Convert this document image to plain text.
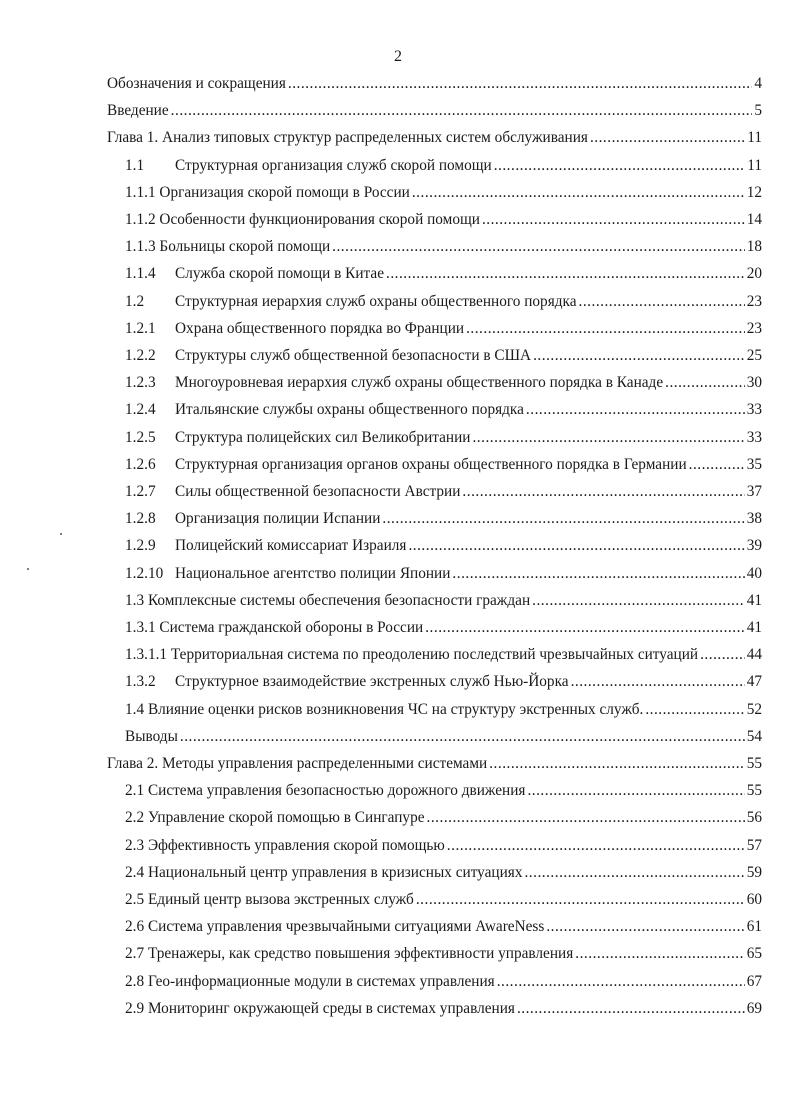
2
Обозначения и сокращения .....	4
Введение .....	5
Глава 1. Анализ типовых структур распределенных систем обслуживания .....	11
1.1	Структурная организация служб скорой помощи .....	11
1.1.1 Организация скорой помощи в России .....	12
1.1.2 Особенности функционирования скорой помощи .....	14
1.1.3 Больницы скорой помощи .....	18
1.1.4	Служба скорой помощи в Китае .....	20
1.2	Структурная иерархия служб охраны общественного порядка .....	23
1.2.1	Охрана общественного порядка во Франции .....	23
1.2.2	Структуры служб общественной безопасности в США .....	25
1.2.3	Многоуровневая иерархия служб охраны общественного порядка в Канаде .....	30
1.2.4	Итальянские службы охраны общественного порядка .....	33
1.2.5	Структура полицейских сил Великобритании .....	33
1.2.6	Структурная организация органов охраны общественного порядка в Германии .....	35
1.2.7	Силы общественной безопасности Австрии .....	37
1.2.8	Организация полиции Испании .....	38
1.2.9	Полицейский комиссариат Израиля .....	39
1.2.10 Национальное агентство полиции Японии .....	40
1.3 Комплексные системы обеспечения безопасности граждан .....	41
1.3.1 Система гражданской обороны в России .....	41
1.3.1.1 Территориальная система по преодолению последствий чрезвычайных ситуаций .....	44
1.3.2	Структурное взаимодействие экстренных служб Нью-Йорка .....	47
1.4 Влияние оценки рисков возникновения ЧС на структуру экстренных служб. .....	52
Выводы .....	54
Глава 2. Методы управления распределенными системами .....	55
2.1 Система управления безопасностью дорожного движения .....	55
2.2 Управление скорой помощью в Сингапуре .....	56
2.3 Эффективность управления скорой помощью .....	57
2.4 Национальный центр управления в кризисных ситуациях .....	59
2.5 Единый центр вызова экстренных служб .....	60
2.6 Система управления чрезвычайными ситуациями AwareNess .....	61
2.7 Тренажеры, как средство повышения эффективности управления .....	65
2.8 Гео-информационные модули в системах управления .....	67
2.9 Мониторинг окружающей среды в системах управления .....	69
